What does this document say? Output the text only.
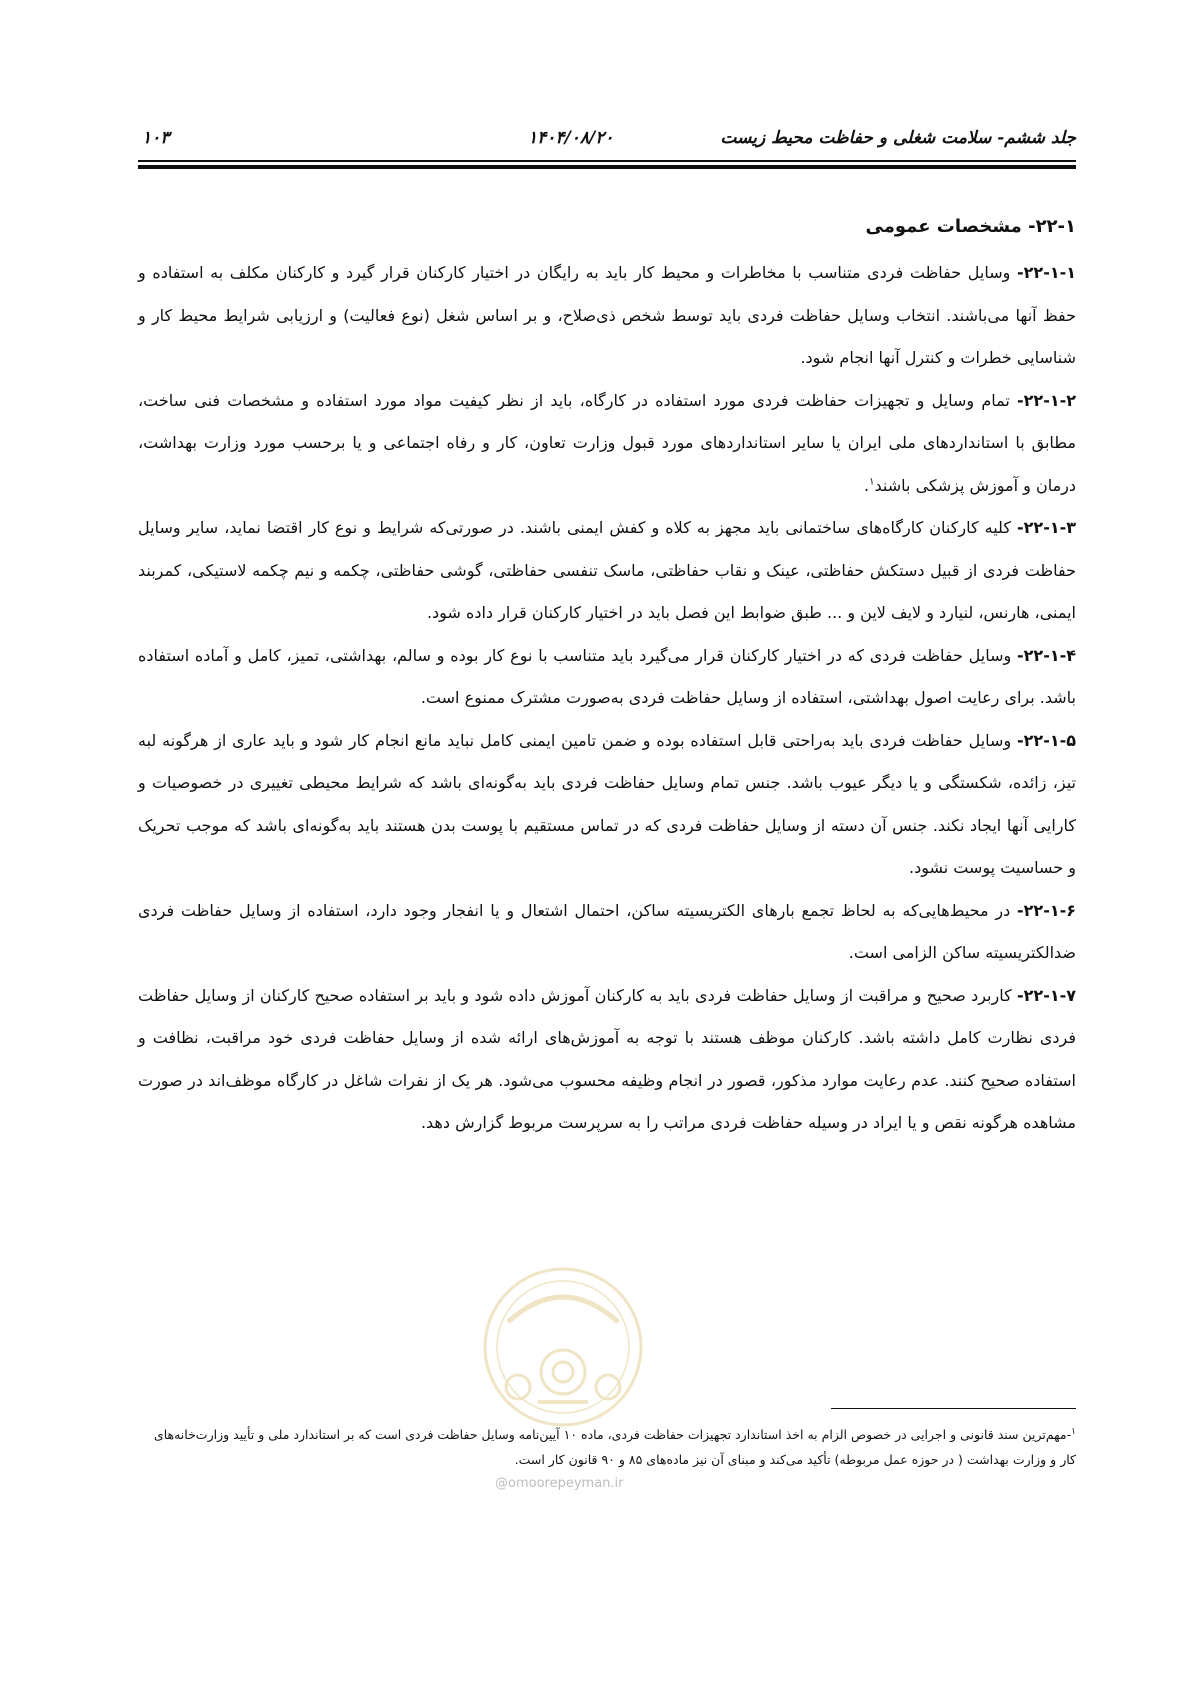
جلد ششم- سلامت شغلی و حفاظت محیط زیست
۱۴۰۴/۰۸/۲۰
۱۰۳
۲۲-۱- مشخصات عمومی

۲۲-۱-۱- وسایل حفاظت فردی متناسب با مخاطرات و محیط کار باید به رایگان در اختیار کارکنان قرار گیرد و کارکنان مکلف به استفاده و حفظ آنها می‌باشند. انتخاب وسایل حفاظت فردی باید توسط شخص ذی‌صلاح، و بر اساس شغل (نوع فعالیت) و ارزیابی شرایط محیط کار و شناسایی خطرات و کنترل آنها انجام شود.

۲۲-۱-۲- تمام وسایل و تجهیزات حفاظت فردی مورد استفاده در کارگاه، باید از نظر کیفیت مواد مورد استفاده و مشخصات فنی ساخت، مطابق با استانداردهای ملی ایران یا سایر استانداردهای مورد قبول وزارت تعاون، کار و رفاه اجتماعی و یا برحسب مورد وزارت بهداشت، درمان و آموزش پزشکی باشند$^۱$.

۲۲-۱-۳- کلیه کارکنان کارگاه‌های ساختمانی باید مجهز به کلاه و کفش ایمنی باشند. در صورتی‌که شرایط و نوع کار اقتضا نماید، سایر وسایل حفاظت فردی از قبیل دستکش حفاظتی، عینک و نقاب حفاظتی، ماسک تنفسی حفاظتی، گوشی حفاظتی، چکمه و نیم چکمه لاستیکی، کمربند ایمنی، هارنس، لنیارد و لایف لاین و ... طبق ضوابط این فصل باید در اختیار کارکنان قرار داده شود.

۲۲-۱-۴- وسایل حفاظت فردی که در اختیار کارکنان قرار می‌گیرد باید متناسب با نوع کار بوده و سالم، بهداشتی، تمیز، کامل و آماده استفاده باشد. برای رعایت اصول بهداشتی، استفاده از وسایل حفاظت فردی به‌صورت مشترک ممنوع است.

۲۲-۱-۵- وسایل حفاظت فردی باید به‌راحتی قابل استفاده بوده و ضمن تامین ایمنی کامل نباید مانع انجام کار شود و باید عاری از هرگونه لبه تیز، زائده، شکستگی و یا دیگر عیوب باشد. جنس تمام وسایل حفاظت فردی باید به‌گونه‌ای باشد که شرایط محیطی تغییری در خصوصیات و کارایی آنها ایجاد نکند. جنس آن دسته از وسایل حفاظت فردی که در تماس مستقیم با پوست بدن هستند باید به‌گونه‌ای باشد که موجب تحریک و حساسیت پوست نشود.

۲۲-۱-۶- در محیط‌هایی‌که به لحاظ تجمع بارهای الکتریسیته ساکن، احتمال اشتعال و یا انفجار وجود دارد، استفاده از وسایل حفاظت فردی ضدالکتریسیته ساکن الزامی است.

۲۲-۱-۷- کاربرد صحیح و مراقبت از وسایل حفاظت فردی باید به کارکنان آموزش داده شود و باید بر استفاده صحیح کارکنان از وسایل حفاظت فردی نظارت کامل داشته باشد. کارکنان موظف هستند با توجه به آموزش‌های ارائه شده از وسایل حفاظت فردی خود مراقبت، نظافت و استفاده صحیح کنند. عدم رعایت موارد مذکور، قصور در انجام وظیفه محسوب می‌شود. هر یک از نفرات شاغل در کارگاه موظف‌اند در صورت مشاهده هرگونه نقص و یا ایراد در وسیله حفاظت فردی مراتب را به سرپرست مربوط گزارش دهد.

@omoorepeyman.ir
$^۱$-مهم‌ترین سند قانونی و اجرایی در خصوص الزام به اخذ استاندارد تجهیزات حفاظت فردی، ماده ۱۰ آیین‌نامه وسایل حفاظت فردی است که بر استاندارد ملی و تأیید وزارت‌خانه‌های کار و وزارت بهداشت ( در حوزه عمل مربوطه) تأکید می‌کند و مبنای آن نیز ماده‌های ۸۵ و ۹۰ قانون کار است.
